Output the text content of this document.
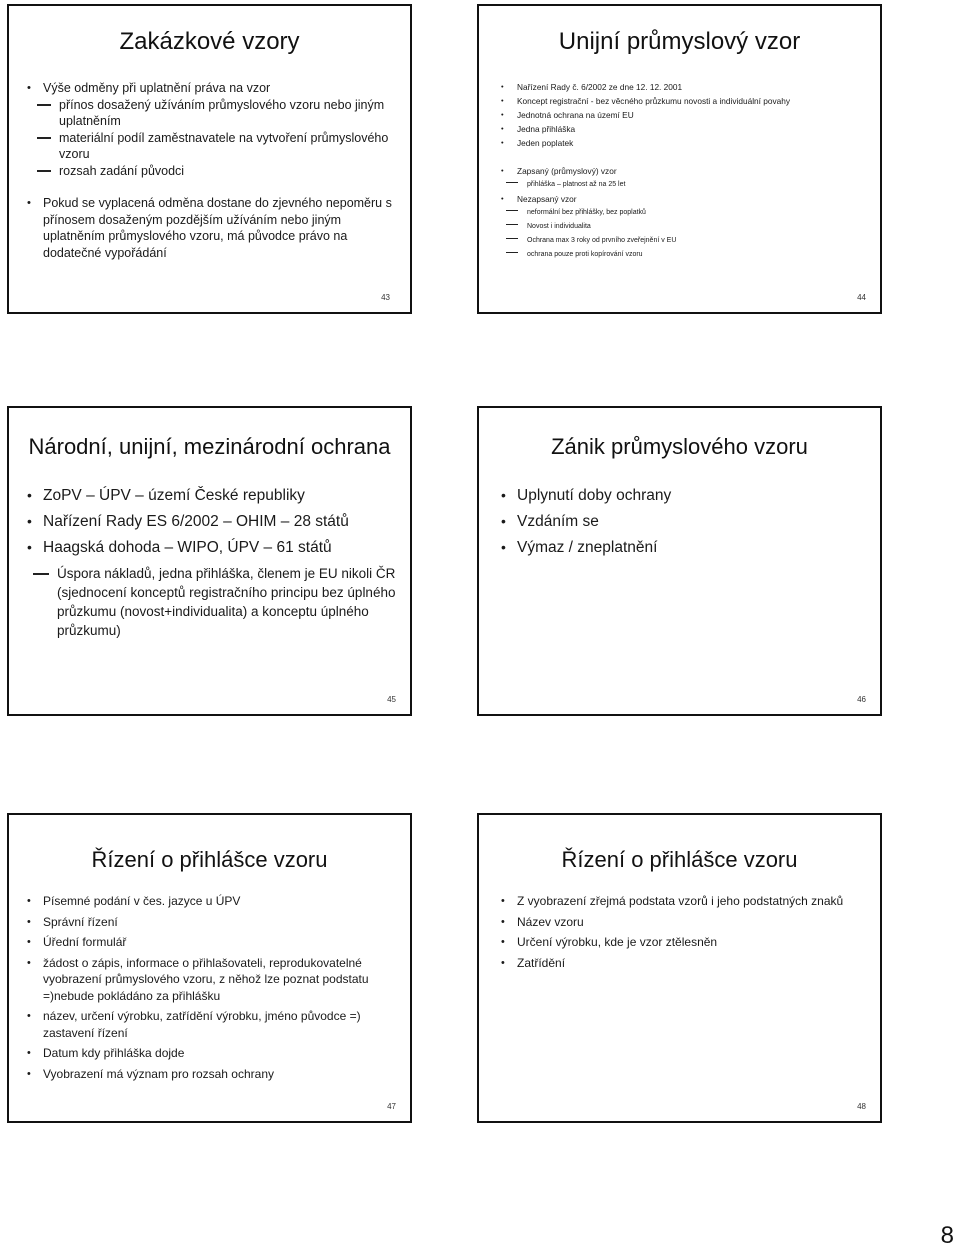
Zakázkové vzory
• Výše odměny při uplatnění práva na vzor
přínos dosažený užíváním průmyslového vzoru nebo jiným uplatněním
materiální podíl zaměstnavatele na vytvoření průmyslového vzoru
rozsah zadání původci
• Pokud se vyplacená odměna dostane do zjevného nepoměru s přínosem dosaženým pozdějším užíváním nebo jiným uplatněním průmyslového vzoru, má původce právo na dodatečné vypořádání
43
Unijní průmyslový vzor
• Nařízení Rady č. 6/2002 ze dne 12. 12. 2001
• Koncept registrační - bez věcného průzkumu novosti a individuální povahy
• Jednotná ochrana na území EU
• Jedna přihláška
• Jeden poplatek
• Zapsaný (průmyslový) vzor
přihláška – platnost až na 25 let
• Nezapsaný vzor
neformální bez přihlášky, bez poplatků
Novost i individualita
Ochrana max 3 roky od prvního zveřejnění v EU
ochrana pouze proti kopírování vzoru
44
Národní, unijní, mezinárodní ochrana
• ZoPV – ÚPV – území České republiky
• Nařízení Rady ES 6/2002 – OHIM – 28 států
• Haagská dohoda – WIPO, ÚPV – 61 států
Úspora nákladů, jedna přihláška, členem je EU nikoli ČR (sjednocení konceptů registračního principu bez úplného průzkumu (novost+individualita) a konceptu úplného průzkumu)
45
Zánik průmyslového vzoru
• Uplynutí doby ochrany
• Vzdáním se
• Výmaz / zneplatnění
46
Řízení o přihlášce vzoru
• Písemné podání v čes. jazyce u ÚPV
• Správní řízení
• Úřední formulář
• žádost o zápis, informace o přihlašovateli, reprodukovatelné vyobrazení průmyslového vzoru, z něhož lze poznat podstatu =)nebude pokládáno za přihlášku
• název, určení výrobku, zatřídění výrobku, jméno původce =) zastavení řízení
• Datum kdy přihláška dojde
• Vyobrazení má význam pro rozsah ochrany
47
Řízení o přihlášce vzoru
• Z vyobrazení zřejmá podstata vzorů i jeho podstatných znaků
• Název vzoru
• Určení výrobku, kde je vzor ztělesněn
• Zatřídění
48
8
